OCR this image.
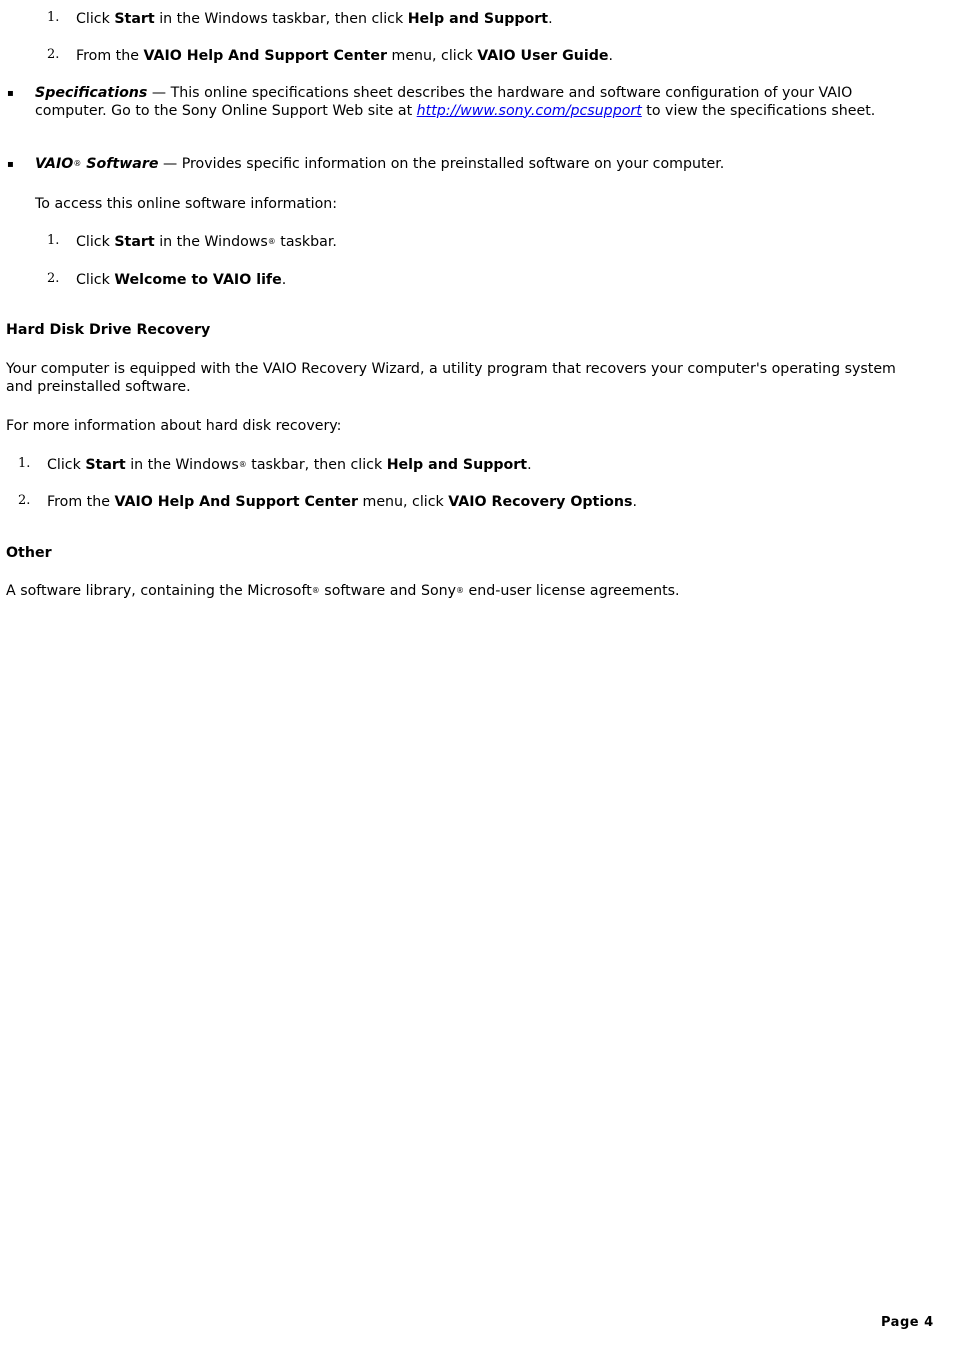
1. Click Start in the Windows taskbar, then click Help and Support.

2. From the VAIO Help And Support Center menu, click VAIO User Guide.

▪ Specifications — This online specifications sheet describes the hardware and software configuration of your VAIO computer. Go to the Sony Online Support Web site at http://www.sony.com/pcsupport to view the specifications sheet.

▪ VAIO® Software — Provides specific information on the preinstalled software on your computer.

To access this online software information:

1. Click Start in the Windows® taskbar.

2. Click Welcome to VAIO life.

Hard Disk Drive Recovery

Your computer is equipped with the VAIO Recovery Wizard, a utility program that recovers your computer's operating system and preinstalled software.

For more information about hard disk recovery:

1. Click Start in the Windows® taskbar, then click Help and Support.

2. From the VAIO Help And Support Center menu, click VAIO Recovery Options.

Other

A software library, containing the Microsoft® software and Sony® end-user license agreements.

Page 4
